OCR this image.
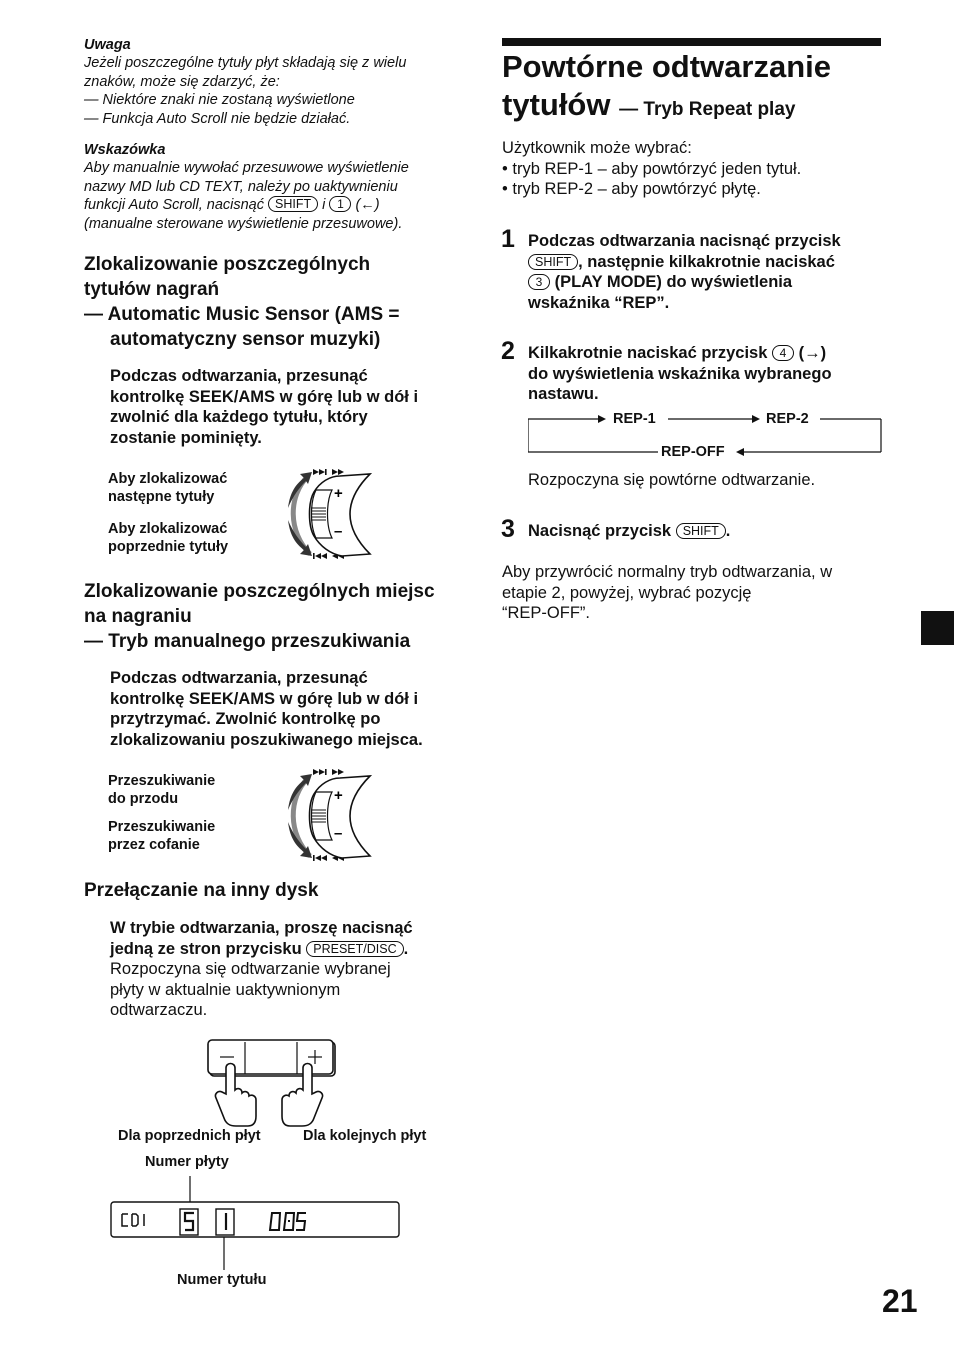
Uwaga
Jeżeli poszczególne tytuły płyt składają się z wielu
znaków, może się zdarzyć, że:
— Niektóre znaki nie zostaną wyświetlone
— Funkcja Auto Scroll nie będzie działać.
Wskazówka
Aby manualnie wywołać przesuwowe wyświetlenie
nazwy MD lub CD TEXT, należy po uaktywnieniu
funkcji Auto Scroll, nacisnąć SHIFT i 1 (←)
(manualne sterowane wyświetlenie przesuwowe).
Zlokalizowanie poszczególnych
tytułów nagrań
— Automatic Music Sensor (AMS =
automatyczny sensor muzyki)
Podczas odtwarzania, przesunąć
kontrolkę SEEK/AMS w górę lub w dół i
zwolnić dla każdego tytułu, który
zostanie pominięty.
Aby zlokalizować
następne tytuły
Aby zlokalizować
poprzednie tytuły
+
–
Zlokalizowanie poszczególnych miejsc
na nagraniu
— Tryb manualnego przeszukiwania
Podczas odtwarzania, przesunąć
kontrolkę SEEK/AMS w górę lub w dół i
przytrzymać. Zwolnić kontrolkę po
zlokalizowaniu poszukiwanego miejsca.
Przeszukiwanie
do przodu
Przeszukiwanie
przez cofanie
+
–
Przełączanie na inny dysk
W trybie odtwarzania, proszę nacisnąć
jedną ze stron przycisku PRESET/DISC .
Rozpoczyna się odtwarzanie wybranej
płyty w aktualnie uaktywnionym
odtwarzaczu.
Dla poprzednich płyt	Dla kolejnych płyt
Numer płyty
Numer tytułu
Powtórne odtwarzanie
tytułów — Tryb Repeat play
Użytkownik może wybrać:
• tryb REP-1 – aby powtórzyć jeden tytuł.
• tryb REP-2 – aby powtórzyć płytę.
1 Podczas odtwarzania nacisnąć przycisk
SHIFT , następnie kilkakrotnie naciskać
3 (PLAY MODE) do wyświetlenia
wskaźnika “REP”.
2 Kilkakrotnie naciskać przycisk 4 (→)
do wyświetlenia wskaźnika wybranego
nastawu.
REP-1	REP-2
REP-OFF
Rozpoczyna się powtórne odtwarzanie.
3 Nacisnąć przycisk SHIFT .
Aby przywrócić normalny tryb odtwarzania, w
etapie 2, powyżej, wybrać pozycję
“REP-OFF”.
21
